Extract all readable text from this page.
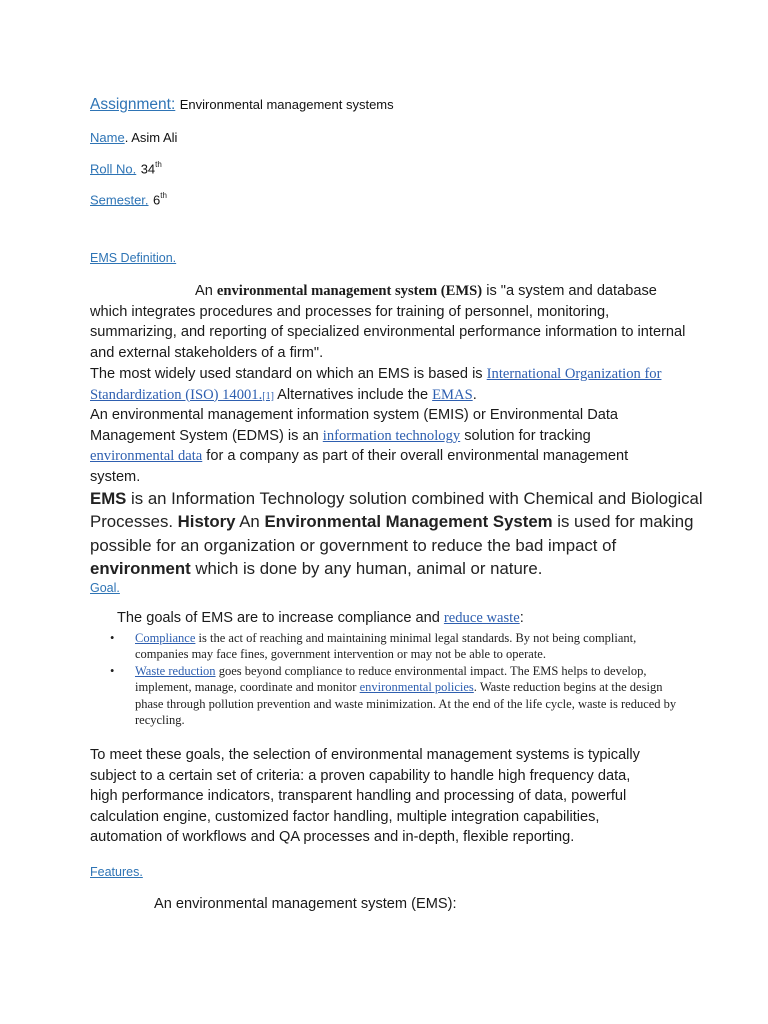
Assignment: Environmental management systems
Name. Asim Ali
Roll No. 34th
Semester. 6th
EMS Definition.
An environmental management system (EMS) is "a system and database which integrates procedures and processes for training of personnel, monitoring, summarizing, and reporting of specialized environmental performance information to internal and external stakeholders of a firm".
The most widely used standard on which an EMS is based is International Organization for Standardization (ISO) 14001.[1] Alternatives include the EMAS.
An environmental management information system (EMIS) or Environmental Data Management System (EDMS) is an information technology solution for tracking environmental data for a company as part of their overall environmental management system.
EMS is an Information Technology solution combined with Chemical and Biological Processes. History An Environmental Management System is used for making possible for an organization or government to reduce the bad impact of environment which is done by any human, animal or nature.
Goal.
The goals of EMS are to increase compliance and reduce waste:
• Compliance is the act of reaching and maintaining minimal legal standards. By not being compliant, companies may face fines, government intervention or may not be able to operate.
• Waste reduction goes beyond compliance to reduce environmental impact. The EMS helps to develop, implement, manage, coordinate and monitor environmental policies. Waste reduction begins at the design phase through pollution prevention and waste minimization. At the end of the life cycle, waste is reduced by recycling.
To meet these goals, the selection of environmental management systems is typically subject to a certain set of criteria: a proven capability to handle high frequency data, high performance indicators, transparent handling and processing of data, powerful calculation engine, customized factor handling, multiple integration capabilities, automation of workflows and QA processes and in-depth, flexible reporting.
Features.
An environmental management system (EMS):
